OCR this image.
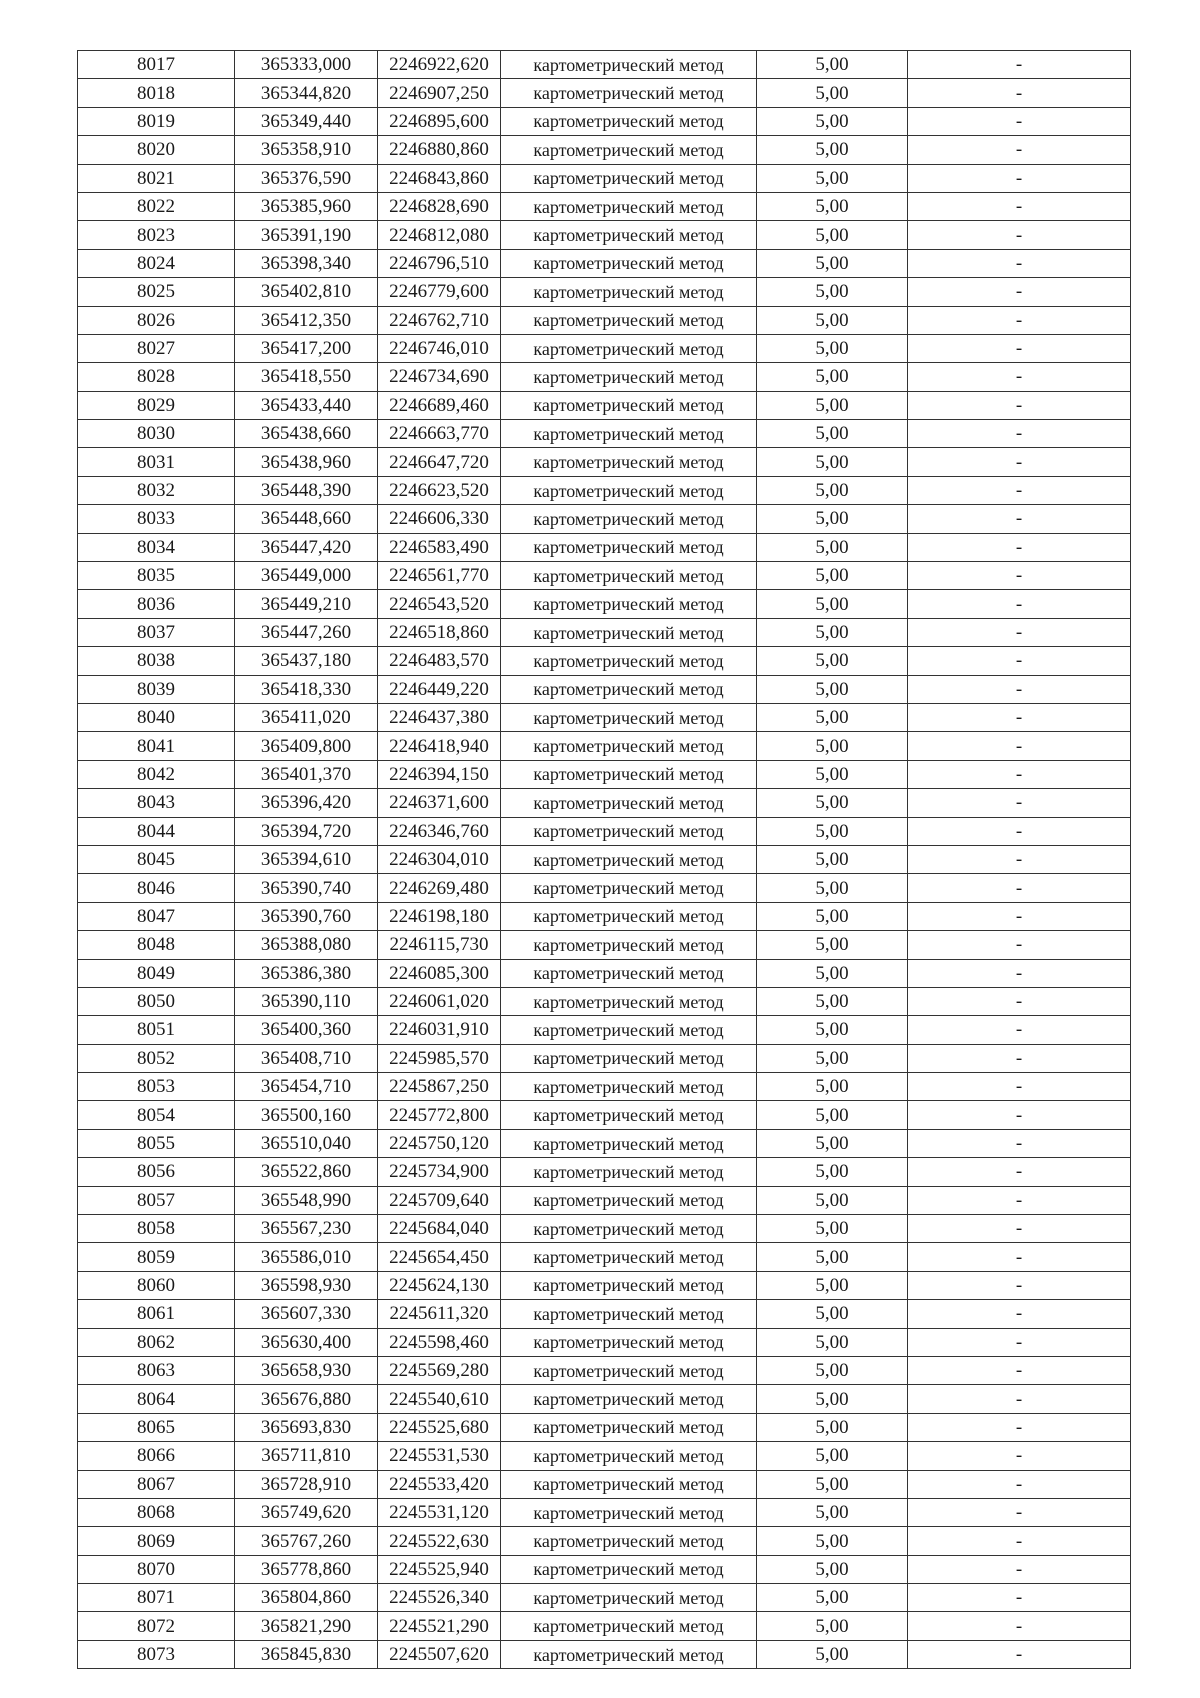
8017	365333,000	2246922,620	картометрический метод	5,00	-
8018	365344,820	2246907,250	картометрический метод	5,00	-
8019	365349,440	2246895,600	картометрический метод	5,00	-
8020	365358,910	2246880,860	картометрический метод	5,00	-
8021	365376,590	2246843,860	картометрический метод	5,00	-
8022	365385,960	2246828,690	картометрический метод	5,00	-
8023	365391,190	2246812,080	картометрический метод	5,00	-
8024	365398,340	2246796,510	картометрический метод	5,00	-
8025	365402,810	2246779,600	картометрический метод	5,00	-
8026	365412,350	2246762,710	картометрический метод	5,00	-
8027	365417,200	2246746,010	картометрический метод	5,00	-
8028	365418,550	2246734,690	картометрический метод	5,00	-
8029	365433,440	2246689,460	картометрический метод	5,00	-
8030	365438,660	2246663,770	картометрический метод	5,00	-
8031	365438,960	2246647,720	картометрический метод	5,00	-
8032	365448,390	2246623,520	картометрический метод	5,00	-
8033	365448,660	2246606,330	картометрический метод	5,00	-
8034	365447,420	2246583,490	картометрический метод	5,00	-
8035	365449,000	2246561,770	картометрический метод	5,00	-
8036	365449,210	2246543,520	картометрический метод	5,00	-
8037	365447,260	2246518,860	картометрический метод	5,00	-
8038	365437,180	2246483,570	картометрический метод	5,00	-
8039	365418,330	2246449,220	картометрический метод	5,00	-
8040	365411,020	2246437,380	картометрический метод	5,00	-
8041	365409,800	2246418,940	картометрический метод	5,00	-
8042	365401,370	2246394,150	картометрический метод	5,00	-
8043	365396,420	2246371,600	картометрический метод	5,00	-
8044	365394,720	2246346,760	картометрический метод	5,00	-
8045	365394,610	2246304,010	картометрический метод	5,00	-
8046	365390,740	2246269,480	картометрический метод	5,00	-
8047	365390,760	2246198,180	картометрический метод	5,00	-
8048	365388,080	2246115,730	картометрический метод	5,00	-
8049	365386,380	2246085,300	картометрический метод	5,00	-
8050	365390,110	2246061,020	картометрический метод	5,00	-
8051	365400,360	2246031,910	картометрический метод	5,00	-
8052	365408,710	2245985,570	картометрический метод	5,00	-
8053	365454,710	2245867,250	картометрический метод	5,00	-
8054	365500,160	2245772,800	картометрический метод	5,00	-
8055	365510,040	2245750,120	картометрический метод	5,00	-
8056	365522,860	2245734,900	картометрический метод	5,00	-
8057	365548,990	2245709,640	картометрический метод	5,00	-
8058	365567,230	2245684,040	картометрический метод	5,00	-
8059	365586,010	2245654,450	картометрический метод	5,00	-
8060	365598,930	2245624,130	картометрический метод	5,00	-
8061	365607,330	2245611,320	картометрический метод	5,00	-
8062	365630,400	2245598,460	картометрический метод	5,00	-
8063	365658,930	2245569,280	картометрический метод	5,00	-
8064	365676,880	2245540,610	картометрический метод	5,00	-
8065	365693,830	2245525,680	картометрический метод	5,00	-
8066	365711,810	2245531,530	картометрический метод	5,00	-
8067	365728,910	2245533,420	картометрический метод	5,00	-
8068	365749,620	2245531,120	картометрический метод	5,00	-
8069	365767,260	2245522,630	картометрический метод	5,00	-
8070	365778,860	2245525,940	картометрический метод	5,00	-
8071	365804,860	2245526,340	картометрический метод	5,00	-
8072	365821,290	2245521,290	картометрический метод	5,00	-
8073	365845,830	2245507,620	картометрический метод	5,00	-
